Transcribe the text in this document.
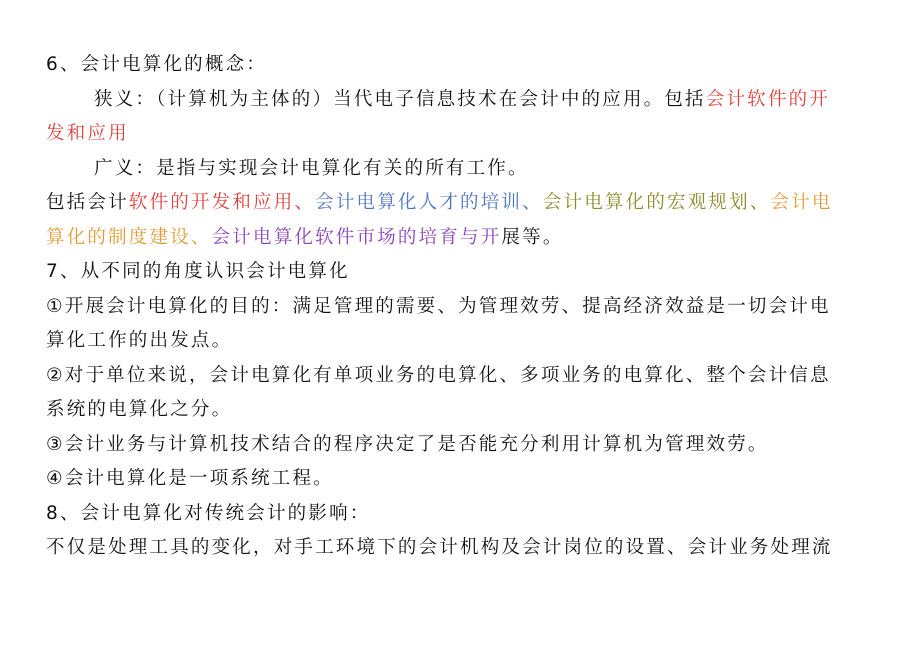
6、会计电算化的概念：
狭义：（计算机为主体的）当代电子信息技术在会计中的应用。包括会计软件的开
发和应用
广义：是指与实现会计电算化有关的所有工作。
包括会计软件的开发和应用、会计电算化人才的培训、会计电算化的宏观规划、会计电
算化的制度建设、会计电算化软件市场的培育与开展等。
7、从不同的角度认识会计电算化
①开展会计电算化的目的：满足管理的需要、为管理效劳、提高经济效益是一切会计电
算化工作的出发点。
②对于单位来说，会计电算化有单项业务的电算化、多项业务的电算化、整个会计信息
系统的电算化之分。
③会计业务与计算机技术结合的程序决定了是否能充分利用计算机为管理效劳。
④会计电算化是一项系统工程。
8、会计电算化对传统会计的影响：
不仅是处理工具的变化，对手工环境下的会计机构及会计岗位的设置、会计业务处理流
